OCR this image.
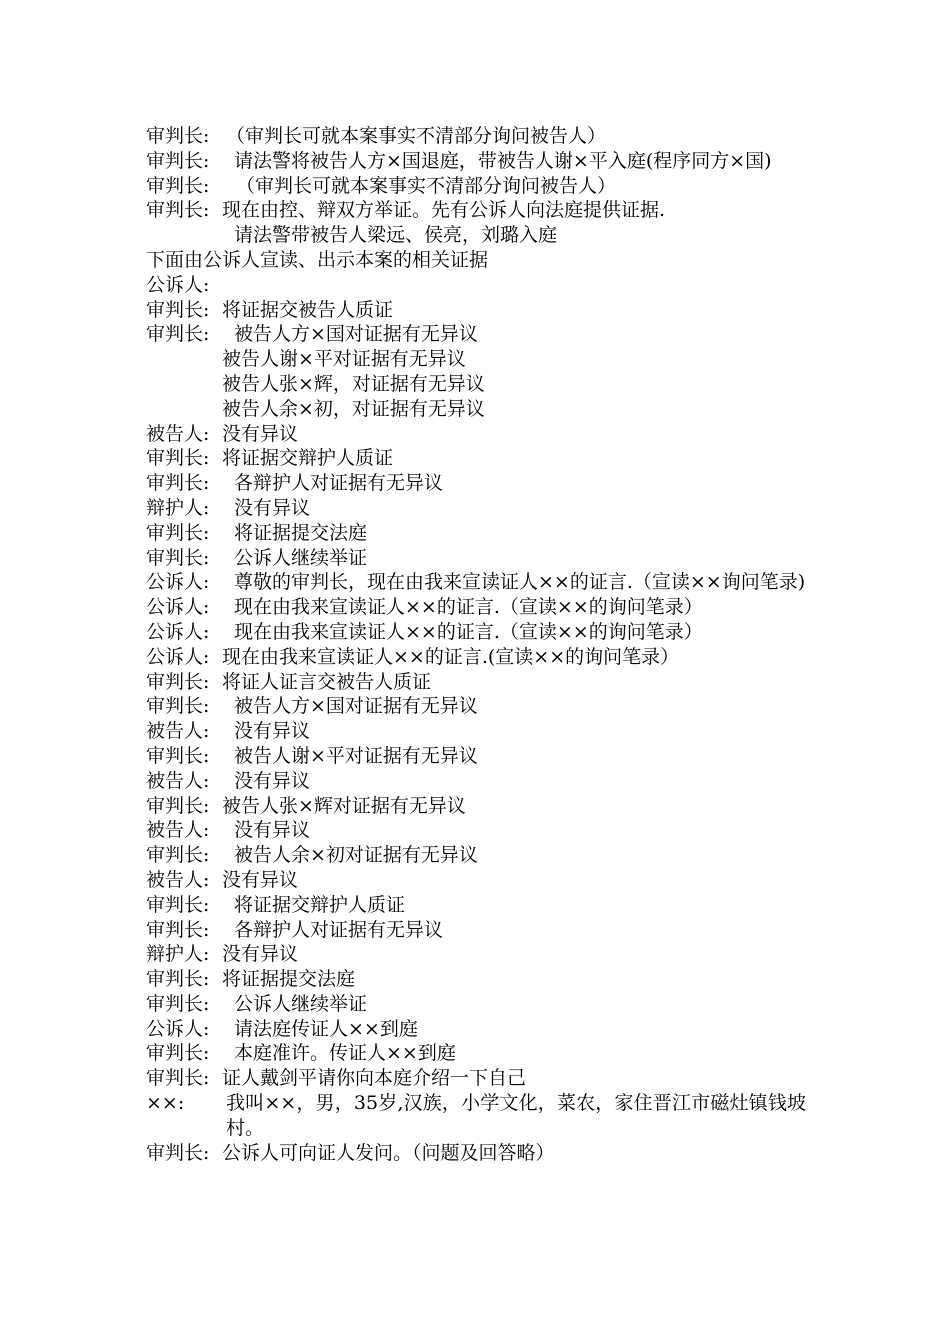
审判长: （审判长可就本案事实不清部分询问被告人）
审判长:	请法警将被告人方×国退庭，带被告人谢×平入庭(程序同方×国)
审判长:	（审判长可就本案事实不清部分询问被告人）
审判长: 现在由控、辩双方举证。先有公诉人向法庭提供证据.
请法警带被告人梁远、侯亮，刘璐入庭
下面由公诉人宣读、出示本案的相关证据
公诉人:
审判长: 将证据交被告人质证
审判长:	被告人方×国对证据有无异议
被告人谢×平对证据有无异议
被告人张×辉，对证据有无异议
被告人余×初，对证据有无异议
被告人: 没有异议
审判长: 将证据交辩护人质证
审判长:	各辩护人对证据有无异议
辩护人:	没有异议
审判长:	将证据提交法庭
审判长:	公诉人继续举证
公诉人:	尊敬的审判长，现在由我来宣读证人××的证言.（宣读××询问笔录)
公诉人:	现在由我来宣读证人××的证言.（宣读××的询问笔录）
公诉人:	现在由我来宣读证人××的证言.（宣读××的询问笔录）
公诉人: 现在由我来宣读证人××的证言.(宣读××的询问笔录）
审判长: 将证人证言交被告人质证
审判长:	被告人方×国对证据有无异议
被告人:	没有异议
审判长:	被告人谢×平对证据有无异议
被告人:	没有异议
审判长: 被告人张×辉对证据有无异议
被告人:	没有异议
审判长:	被告人余×初对证据有无异议
被告人: 没有异议
审判长:	将证据交辩护人质证
审判长:	各辩护人对证据有无异议
辩护人: 没有异议
审判长: 将证据提交法庭
审判长:	公诉人继续举证
公诉人:	请法庭传证人××到庭
审判长:	本庭准许。传证人××到庭
审判长: 证人戴剑平请你向本庭介绍一下自己
××:	我叫××，男，35岁,汉族，小学文化，菜农，家住晋江市磁灶镇钱坡村。
审判长: 公诉人可向证人发问。（问题及回答略）
